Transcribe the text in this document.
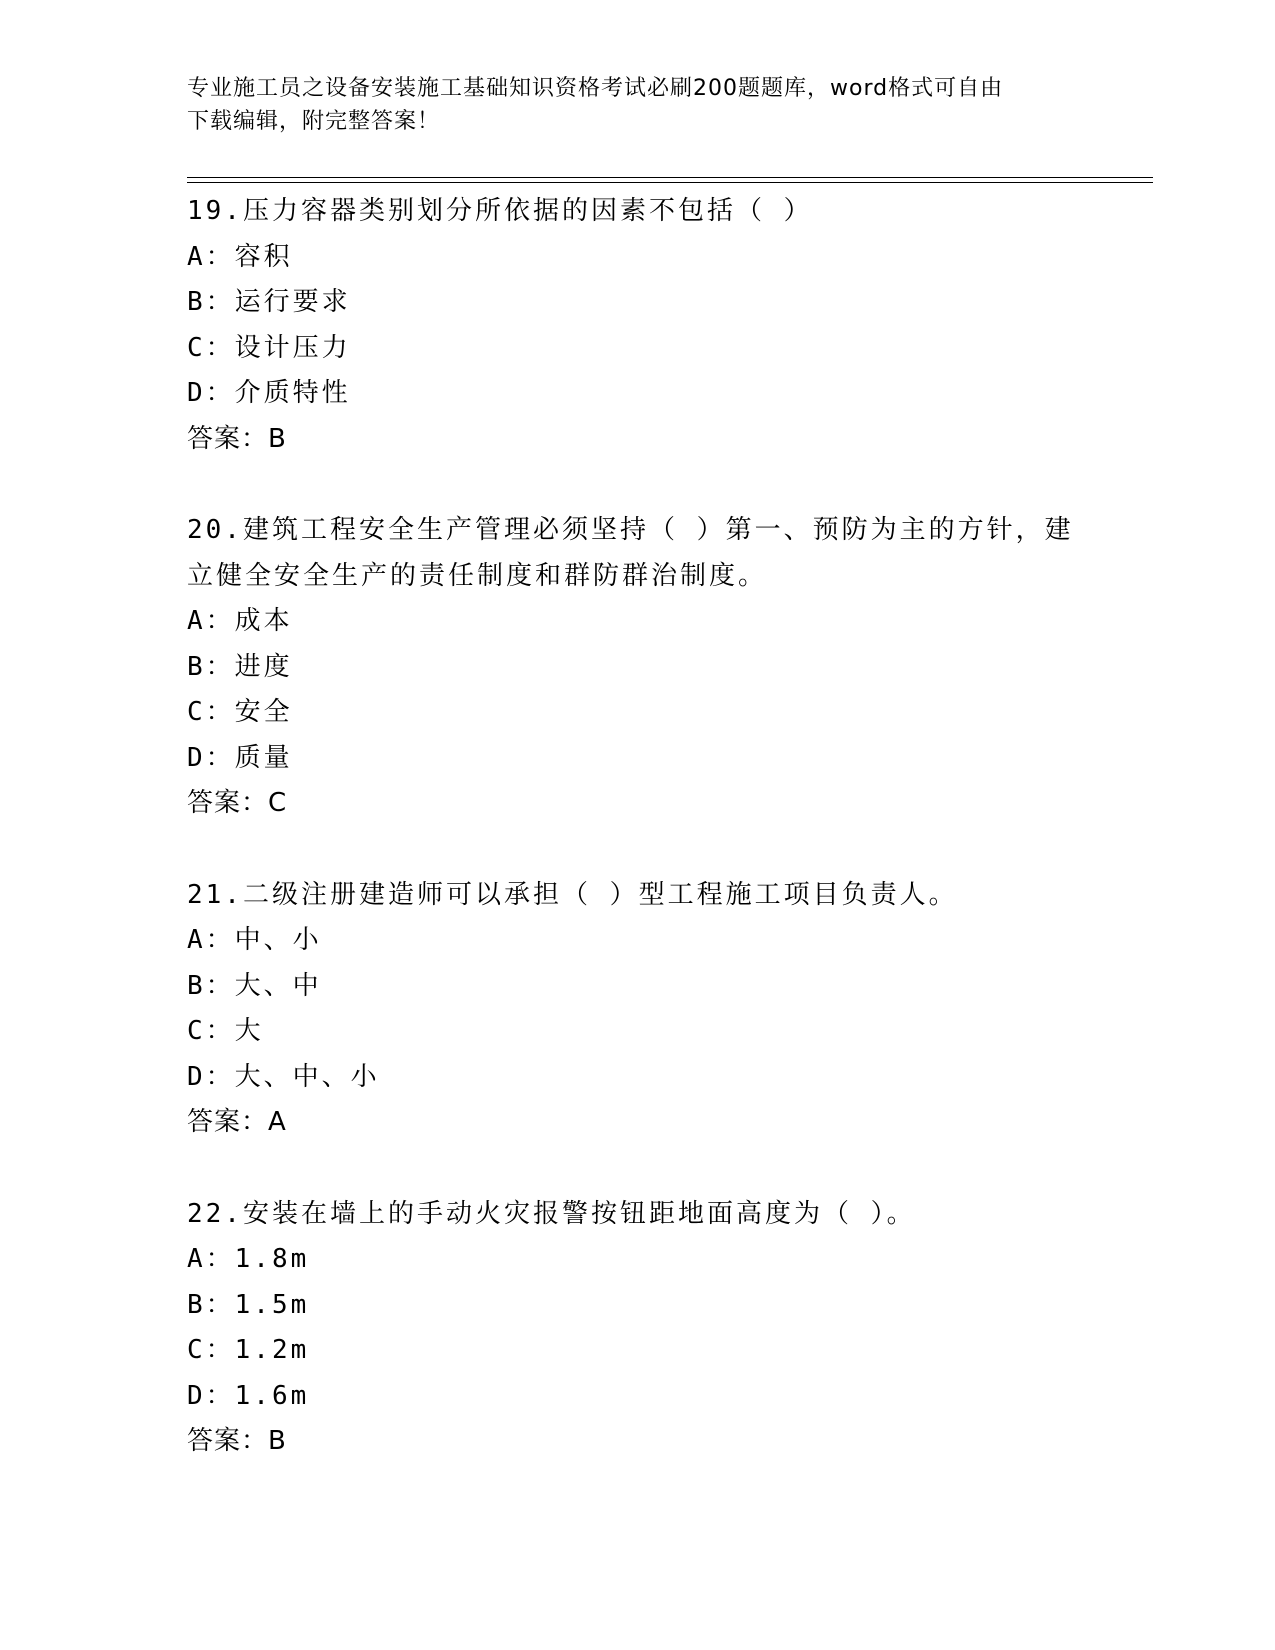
专业施工员之设备安装施工基础知识资格考试必刷200题题库，word格式可自由
下载编辑，附完整答案！
19.压力容器类别划分所依据的因素不包括（ ）
A：容积
B：运行要求
C：设计压力
D：介质特性
答案：B
20.建筑工程安全生产管理必须坚持（ ）第一、预防为主的方针，建
立健全安全生产的责任制度和群防群治制度。
A：成本
B：进度
C：安全
D：质量
答案：C
21.二级注册建造师可以承担（ ）型工程施工项目负责人。
A：中、小
B：大、中
C：大
D：大、中、小
答案：A
22.安装在墙上的手动火灾报警按钮距地面高度为（ ）。
A：1.8m
B：1.5m
C：1.2m
D：1.6m
答案：B
